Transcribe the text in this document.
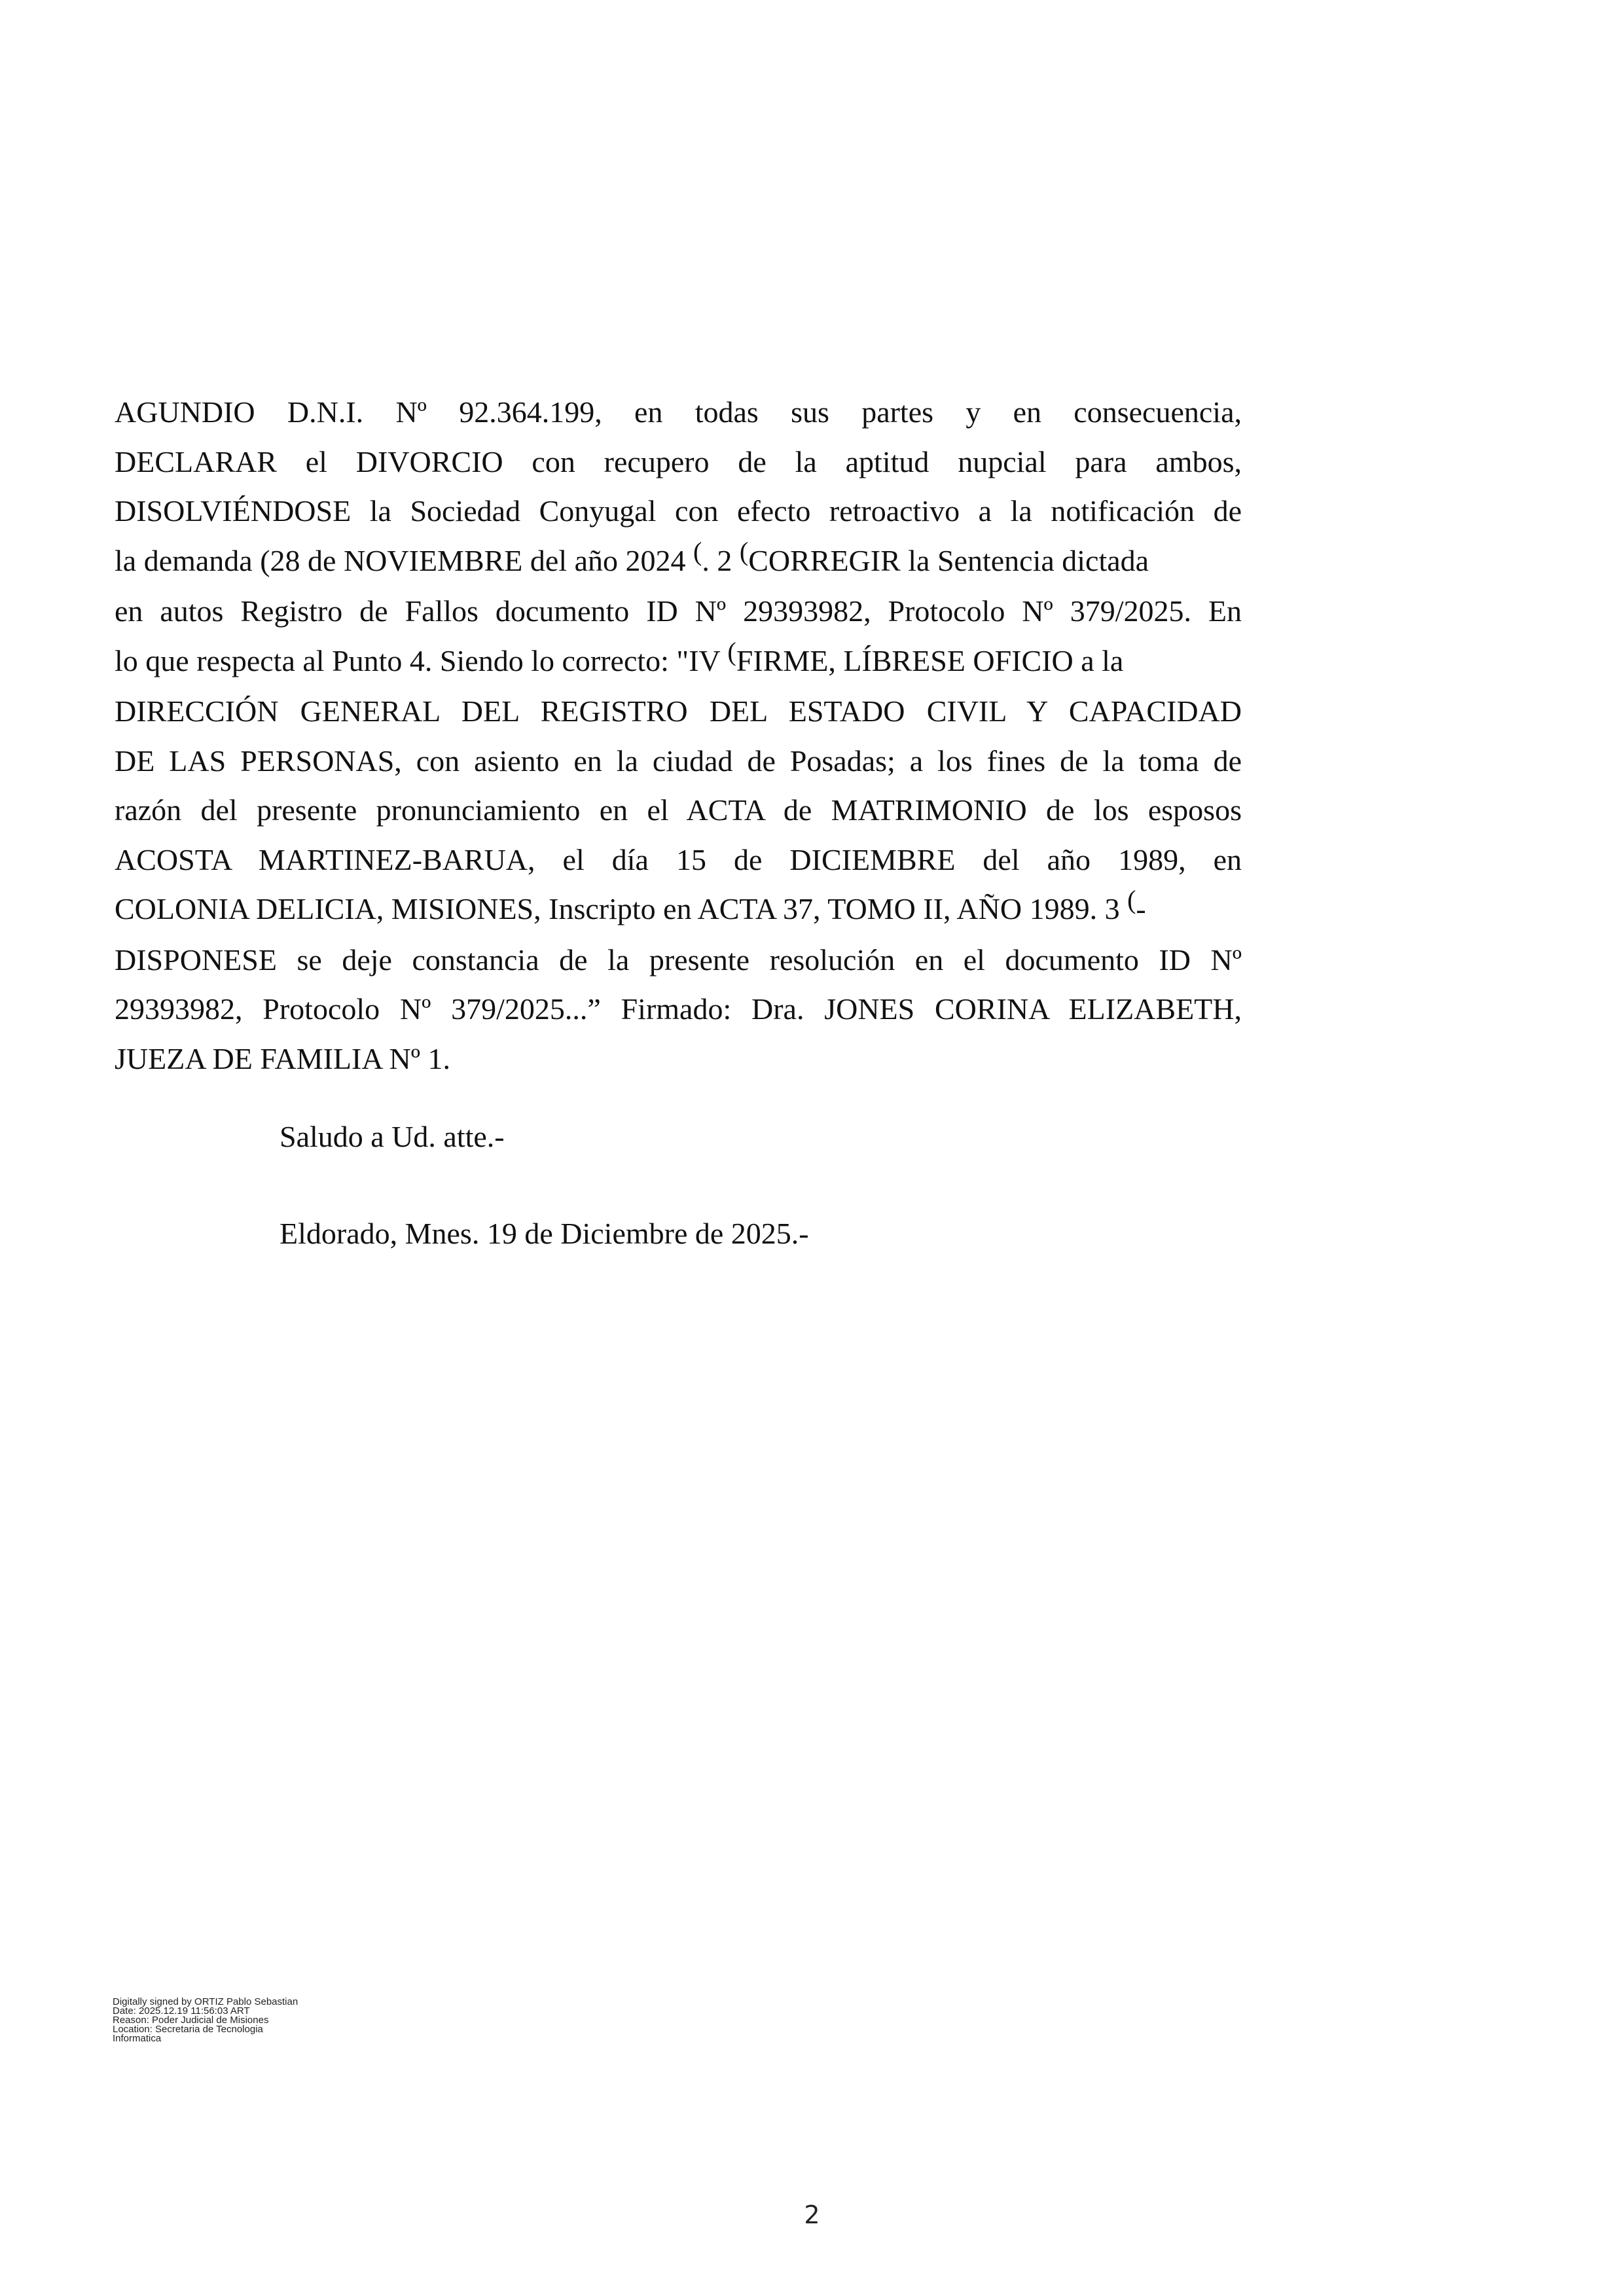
AGUNDIO D.N.I. Nº 92.364.199, en todas sus partes y en consecuencia,
DECLARAR el DIVORCIO con recupero de la aptitud nupcial para ambos,
DISOLVIÉNDOSE la Sociedad Conyugal con efecto retroactivo a la notificación de
la demanda (28 de NOVIEMBRE del año 2024 (. 2 (CORREGIR la Sentencia dictada
en autos Registro de Fallos documento ID Nº 29393982, Protocolo Nº 379/2025. En
lo que respecta al Punto 4. Siendo lo correcto: "IV (FIRME, LÍBRESE OFICIO a la
DIRECCIÓN GENERAL DEL REGISTRO DEL ESTADO CIVIL Y CAPACIDAD
DE LAS PERSONAS, con asiento en la ciudad de Posadas; a los fines de la toma de
razón del presente pronunciamiento en el ACTA de MATRIMONIO de los esposos
ACOSTA MARTINEZ-BARUA, el día 15 de DICIEMBRE del año 1989, en
COLONIA DELICIA, MISIONES, Inscripto en ACTA 37, TOMO II, AÑO 1989. 3 (-
DISPONESE se deje constancia de la presente resolución en el documento ID Nº
29393982, Protocolo Nº 379/2025...” Firmado: Dra. JONES CORINA ELIZABETH,
JUEZA DE FAMILIA Nº 1.

Saludo a Ud. atte.-

Eldorado, Mnes. 19 de Diciembre de 2025.-

Digitally signed by ORTIZ Pablo Sebastian
Date: 2025.12.19 11:56:03 ART
Reason: Poder Judicial de Misiones
Location: Secretaria de Tecnologia
Informatica
2
